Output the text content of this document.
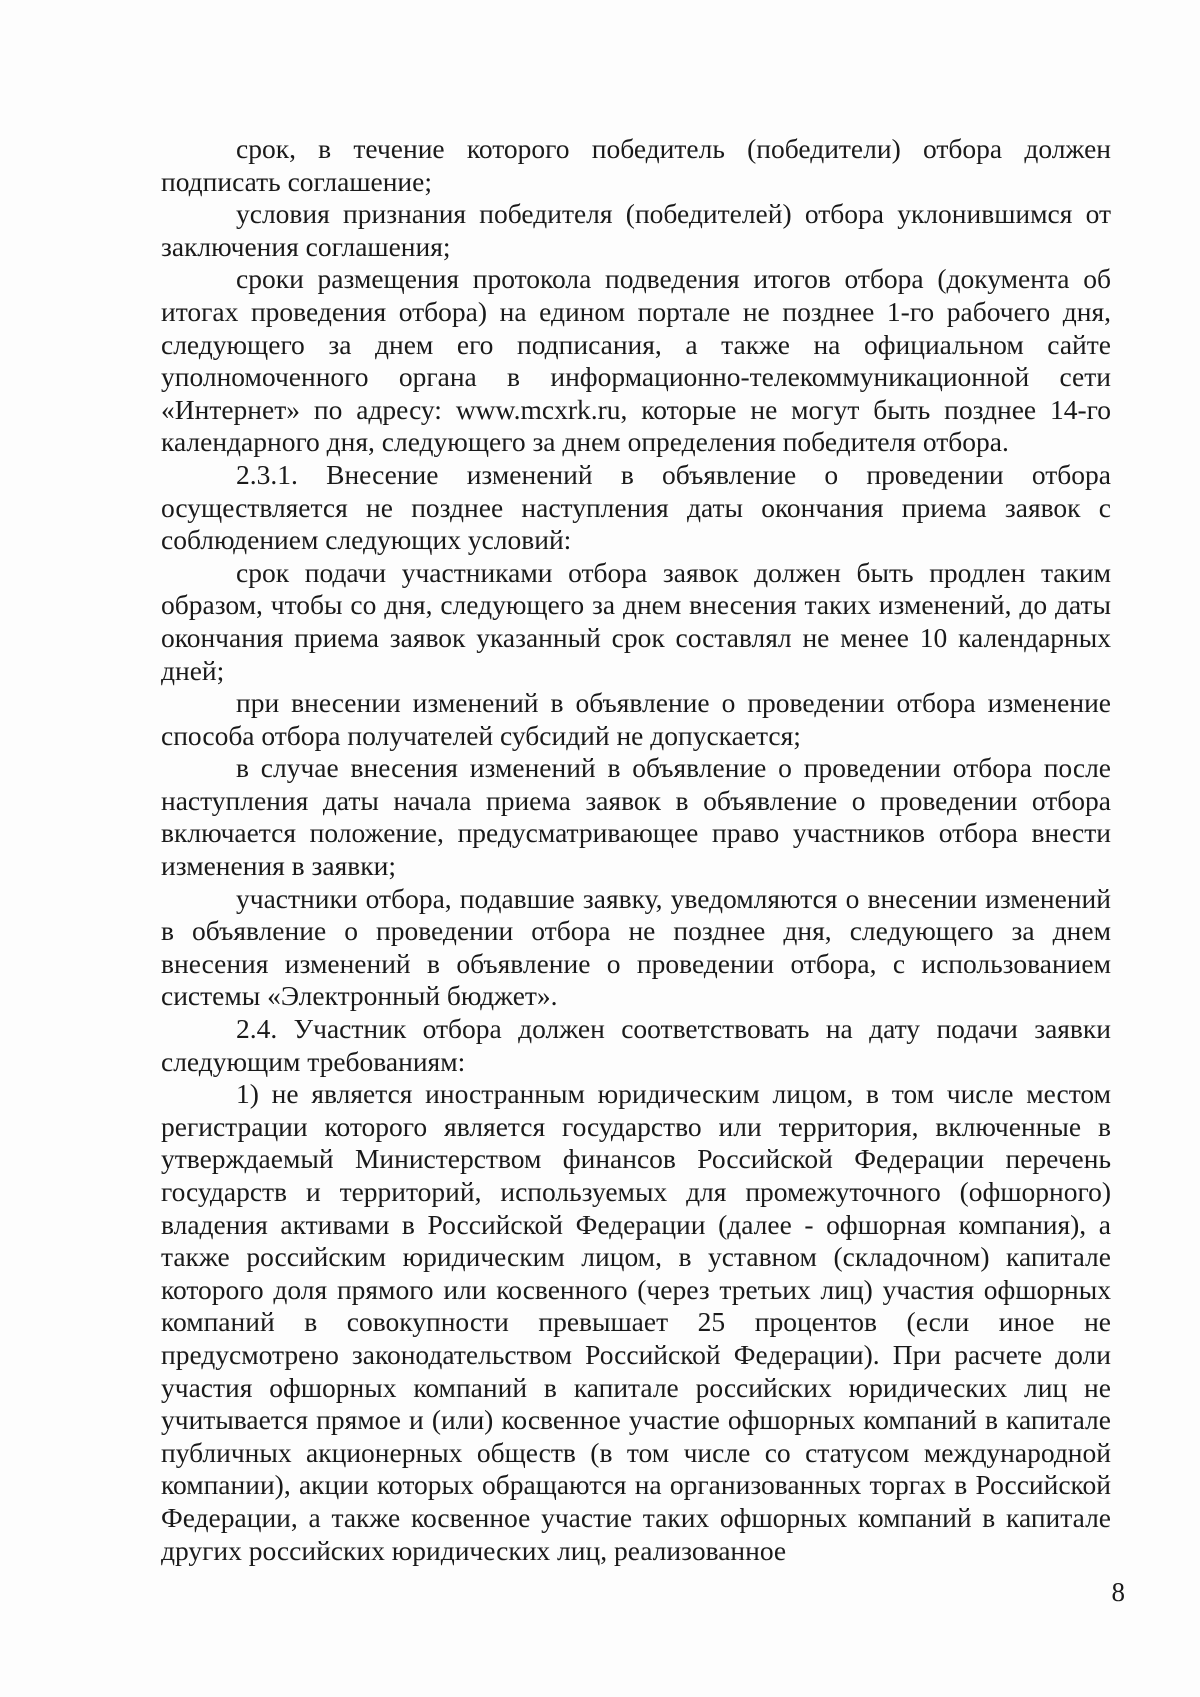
срок, в течение которого победитель (победители) отбора должен подписать соглашение;

условия признания победителя (победителей) отбора уклонившимся от заключения соглашения;

сроки размещения протокола подведения итогов отбора (документа об итогах проведения отбора) на едином портале не позднее 1-го рабочего дня, следующего за днем его подписания, а также на официальном сайте уполномоченного органа в информационно-телекоммуникационной сети «Интернет» по адресу: www.mcxrk.ru, которые не могут быть позднее 14-го календарного дня, следующего за днем определения победителя отбора.

2.3.1. Внесение изменений в объявление о проведении отбора осуществляется не позднее наступления даты окончания приема заявок с соблюдением следующих условий:

срок подачи участниками отбора заявок должен быть продлен таким образом, чтобы со дня, следующего за днем внесения таких изменений, до даты окончания приема заявок указанный срок составлял не менее 10 календарных дней;

при внесении изменений в объявление о проведении отбора изменение способа отбора получателей субсидий не допускается;

в случае внесения изменений в объявление о проведении отбора после наступления даты начала приема заявок в объявление о проведении отбора включается положение, предусматривающее право участников отбора внести изменения в заявки;

участники отбора, подавшие заявку, уведомляются о внесении изменений в объявление о проведении отбора не позднее дня, следующего за днем внесения изменений в объявление о проведении отбора, с использованием системы «Электронный бюджет».

2.4. Участник отбора должен соответствовать на дату подачи заявки следующим требованиям:

1) не является иностранным юридическим лицом, в том числе местом регистрации которого является государство или территория, включенные в утверждаемый Министерством финансов Российской Федерации перечень государств и территорий, используемых для промежуточного (офшорного) владения активами в Российской Федерации (далее - офшорная компания), а также российским юридическим лицом, в уставном (складочном) капитале которого доля прямого или косвенного (через третьих лиц) участия офшорных компаний в совокупности превышает 25 процентов (если иное не предусмотрено законодательством Российской Федерации). При расчете доли участия офшорных компаний в капитале российских юридических лиц не учитывается прямое и (или) косвенное участие офшорных компаний в капитале публичных акционерных обществ (в том числе со статусом международной компании), акции которых обращаются на организованных торгах в Российской Федерации, а также косвенное участие таких офшорных компаний в капитале других российских юридических лиц, реализованное

8
